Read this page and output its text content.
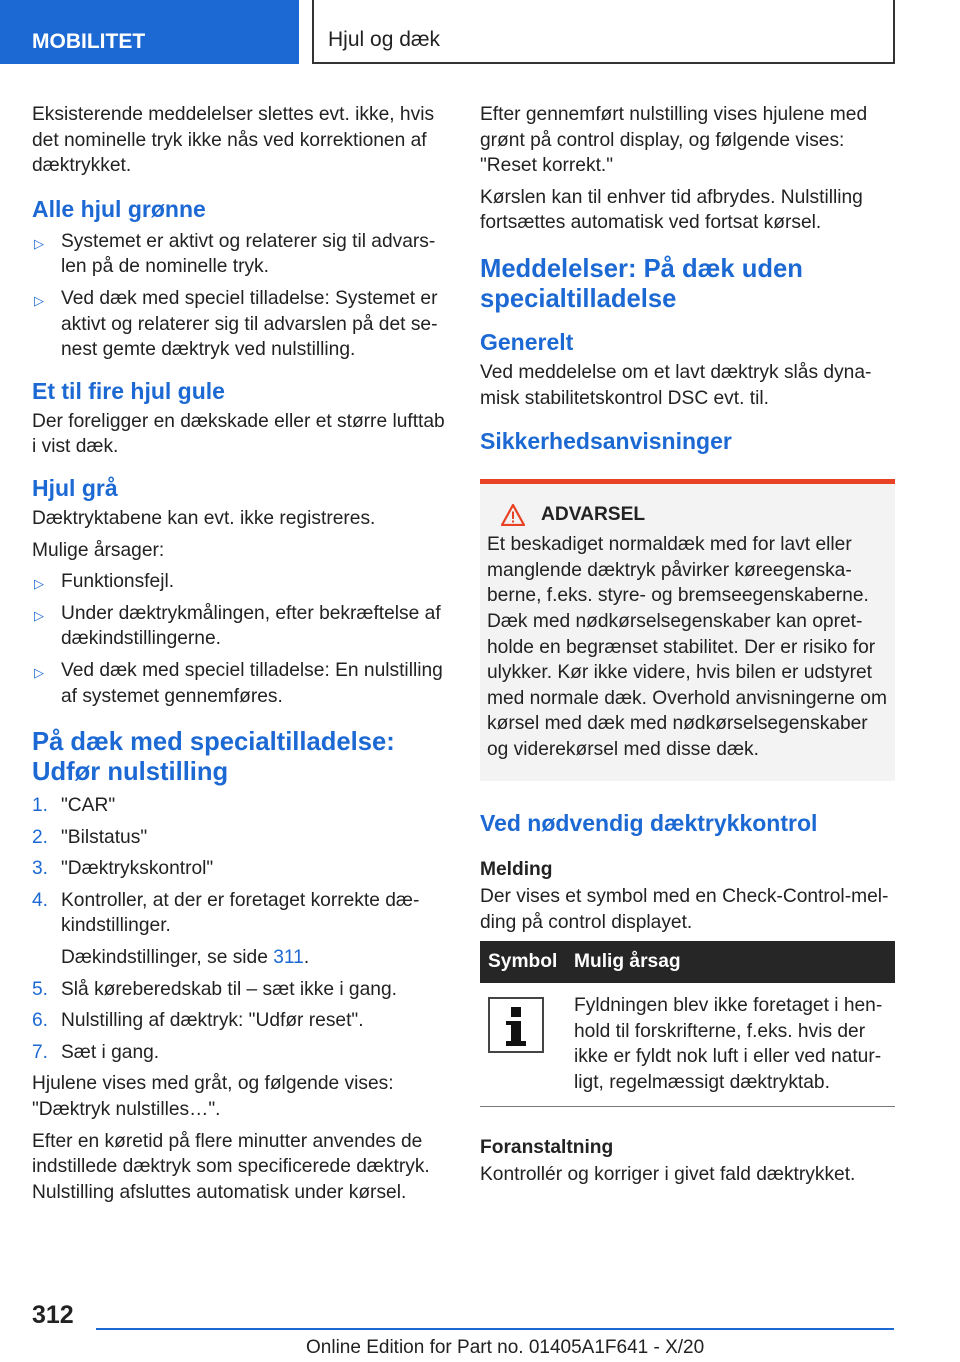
MOBILITET	Hjul og dæk

Eksisterende meddelelser slettes evt. ikke, hvis det nominelle tryk ikke nås ved korrektionen af dæktrykket.

Alle hjul grønne
▷ Systemet er aktivt og relaterer sig til advars-len på de nominelle tryk.
▷ Ved dæk med speciel tilladelse: Systemet er aktivt og relaterer sig til advarslen på det se-nest gemte dæktryk ved nulstilling.
Et til fire hjul gule

Der foreligger en dækskade eller et større lufttab i vist dæk.

Hjul grå

Dæktryktabene kan evt. ikke registreres.

Mulige årsager:

▷ Funktionsfejl.
▷ Under dæktrykmålingen, efter bekræftelse af dækindstillingerne.
▷ Ved dæk med speciel tilladelse: En nulstilling af systemet gennemføres.
På dæk med specialtilladelse: Udfør nulstilling
1. "CAR"
2. "Bilstatus"
3. "Dæktrykskontrol"
4. Kontroller, at der er foretaget korrekte dæ-kindstillinger.
Dækindstillinger, se side 311.
5. Slå køreberedskab til – sæt ikke i gang.
6. Nulstilling af dæktryk: "Udfør reset".
7. Sæt i gang.

Hjulene vises med gråt, og følgende vises: "Dæktryk nulstilles…".

Efter en køretid på flere minutter anvendes de indstillede dæktryk som specificerede dæktryk. Nulstilling afsluttes automatisk under kørsel.

Efter gennemført nulstilling vises hjulene med grønt på control display, og følgende vises: "Reset korrekt."

Kørslen kan til enhver tid afbrydes. Nulstilling fortsættes automatisk ved fortsat kørsel.

Meddelelser: På dæk uden specialtilladelse
Generelt

Ved meddelelse om et lavt dæktryk slås dyna-misk stabilitetskontrol DSC evt. til.

Sikkerhedsanvisninger
ADVARSEL

Et beskadiget normaldæk med for lavt eller manglende dæktryk påvirker køreegenska-berne, f.eks. styre- og bremseegenskaberne. Dæk med nødkørselsegenskaber kan opret-holde en begrænset stabilitet. Der er risiko for ulykker. Kør ikke videre, hvis bilen er udstyret med normale dæk. Overhold anvisningerne om kørsel med dæk med nødkørselsegenskaber og viderekørsel med disse dæk.

Ved nødvendig dæktrykkontrol
Melding

Der vises et symbol med en Check-Control-mel-ding på control displayet.

Symbol	Mulig årsag

	Fyldningen blev ikke foretaget i hen-hold til forskrifterne, f.eks. hvis der ikke er fyldt nok luft i eller ved natur-ligt, regelmæssigt dæktryktab.
Foranstaltning

Kontrollér og korriger i givet fald dæktrykket.

312
Online Edition for Part no. 01405A1F641 - X/20
